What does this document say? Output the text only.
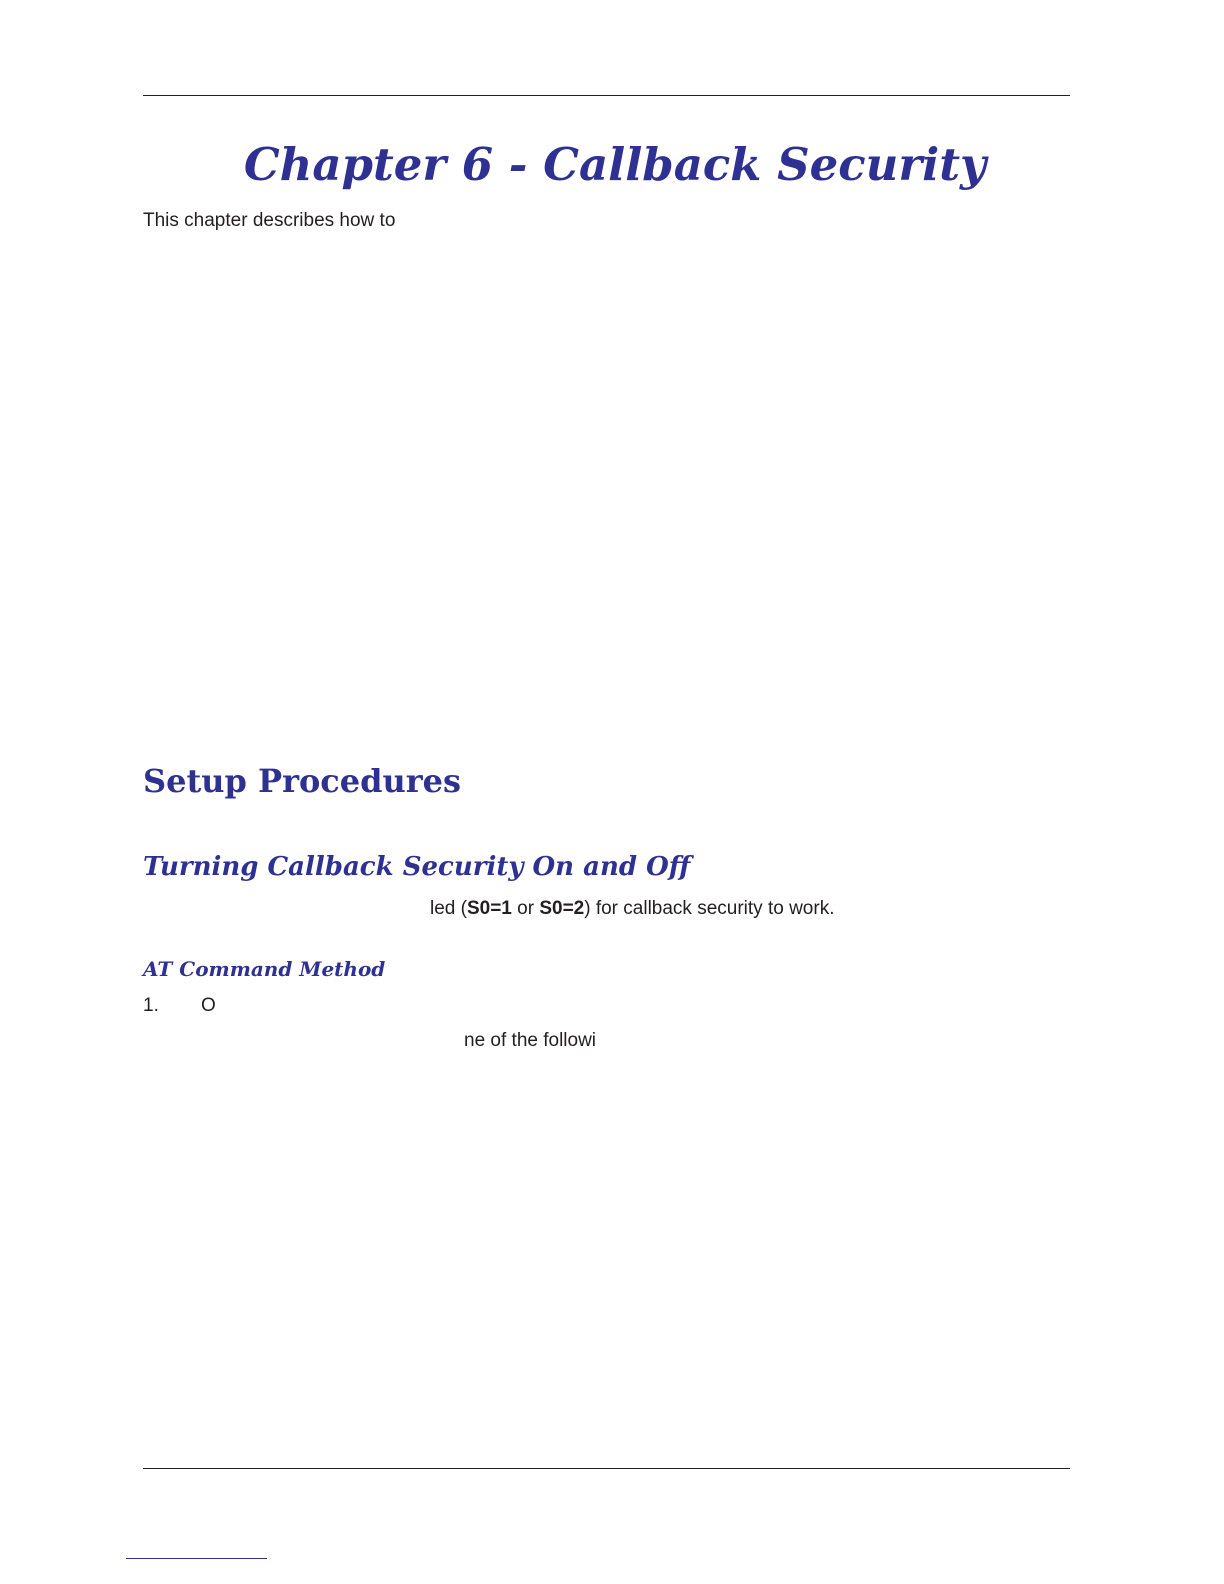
Chapter 6 - Callback Security

This chapter describes how to

Setup Procedures
Turning Callback Security On and Off

led (S0=1 or S0=2) for callback security to work.

AT Command Method
1. O

ne of the followi
